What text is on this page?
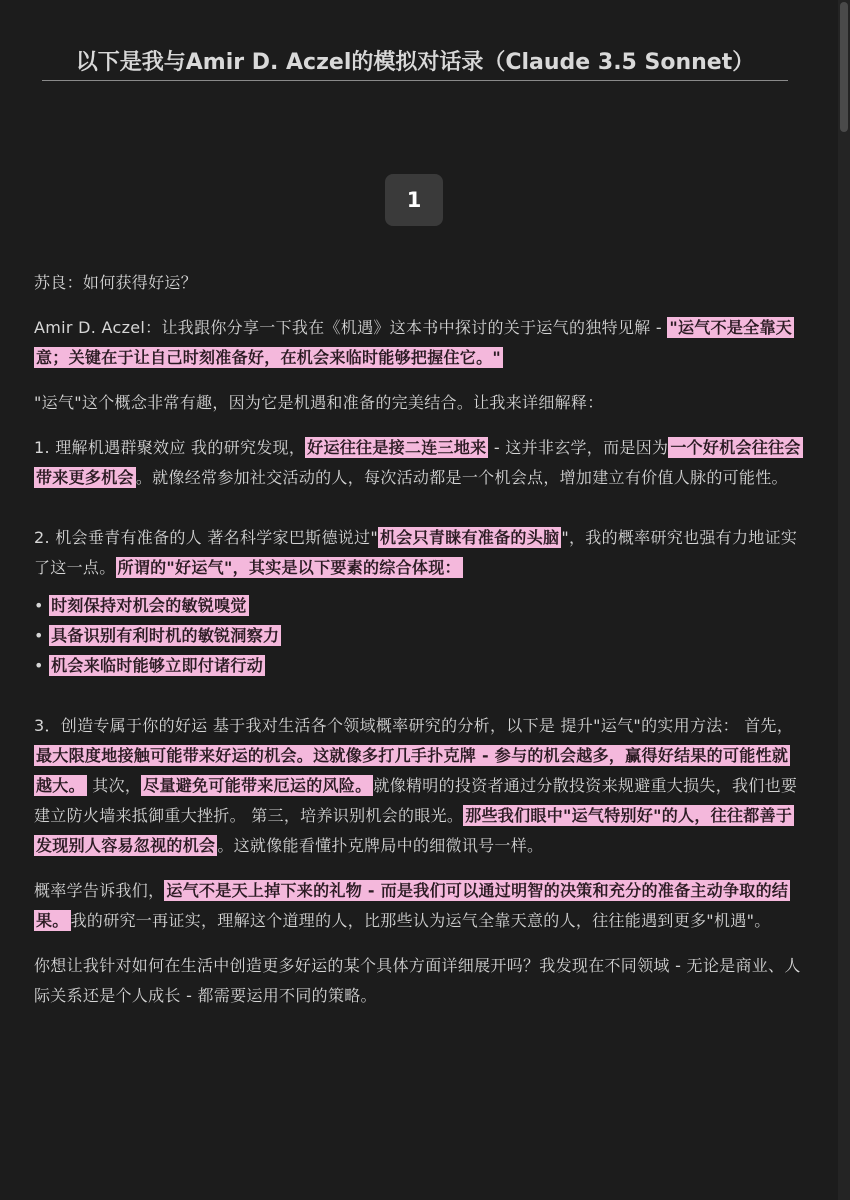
以下是我与Amir D. Aczel的模拟对话录（Claude 3.5 Sonnet）
1

苏良：如何获得好运？

Amir D. Aczel：让我跟你分享一下我在《机遇》这本书中探讨的关于运气的独特见解 - "运气不是全靠天意；关键在于让自己时刻准备好，在机会来临时能够把握住它。"

"运气"这个概念非常有趣，因为它是机遇和准备的完美结合。让我来详细解释：

1. 理解机遇群聚效应 我的研究发现， 好运往往是接二连三地来 - 这并非玄学，而是因为 一个好机会往往会带来更多机会 。就像经常参加社交活动的人，每次活动都是一个机会点，增加建立有价值人脉的可能性。

2. 机会垂青有准备的人 著名科学家巴斯德说过" 机会只青睐有准备的头脑 "，我的概率研究也强有力地证实了这一点。 所谓的"好运气"，其实是以下要素的综合体现：

• 时刻保持对机会的敏锐嗅觉

• 具备识别有利时机的敏锐洞察力

• 机会来临时能够立即付诸行动

3．创造专属于你的好运 基于我对生活各个领域概率研究的分析，以下是 提升"运气"的实用方法： 首先，最大限度地接触可能带来好运的机会。这就像多打几手扑克牌 - 参与的机会越多，赢得好结果的可能性就越大。 其次， 尽量避免可能带来厄运的风险。 就像精明的投资者通过分散投资来规避重大损失，我们也要建立防火墙来抵御重大挫折。 第三，培养识别机会的眼光。 那些我们眼中"运气特别好"的人，往往都善于发现别人容易忽视的机会 。这就像能看懂扑克牌局中的细微讯号一样。

概率学告诉我们， 运气不是天上掉下来的礼物 - 而是我们可以通过明智的决策和充分的准备主动争取的结果。 我的研究一再证实，理解这个道理的人，比那些认为运气全靠天意的人，往往能遇到更多"机遇"。

你想让我针对如何在生活中创造更多好运的某个具体方面详细展开吗？我发现在不同领域 - 无论是商业、人际关系还是个人成长 - 都需要运用不同的策略。
